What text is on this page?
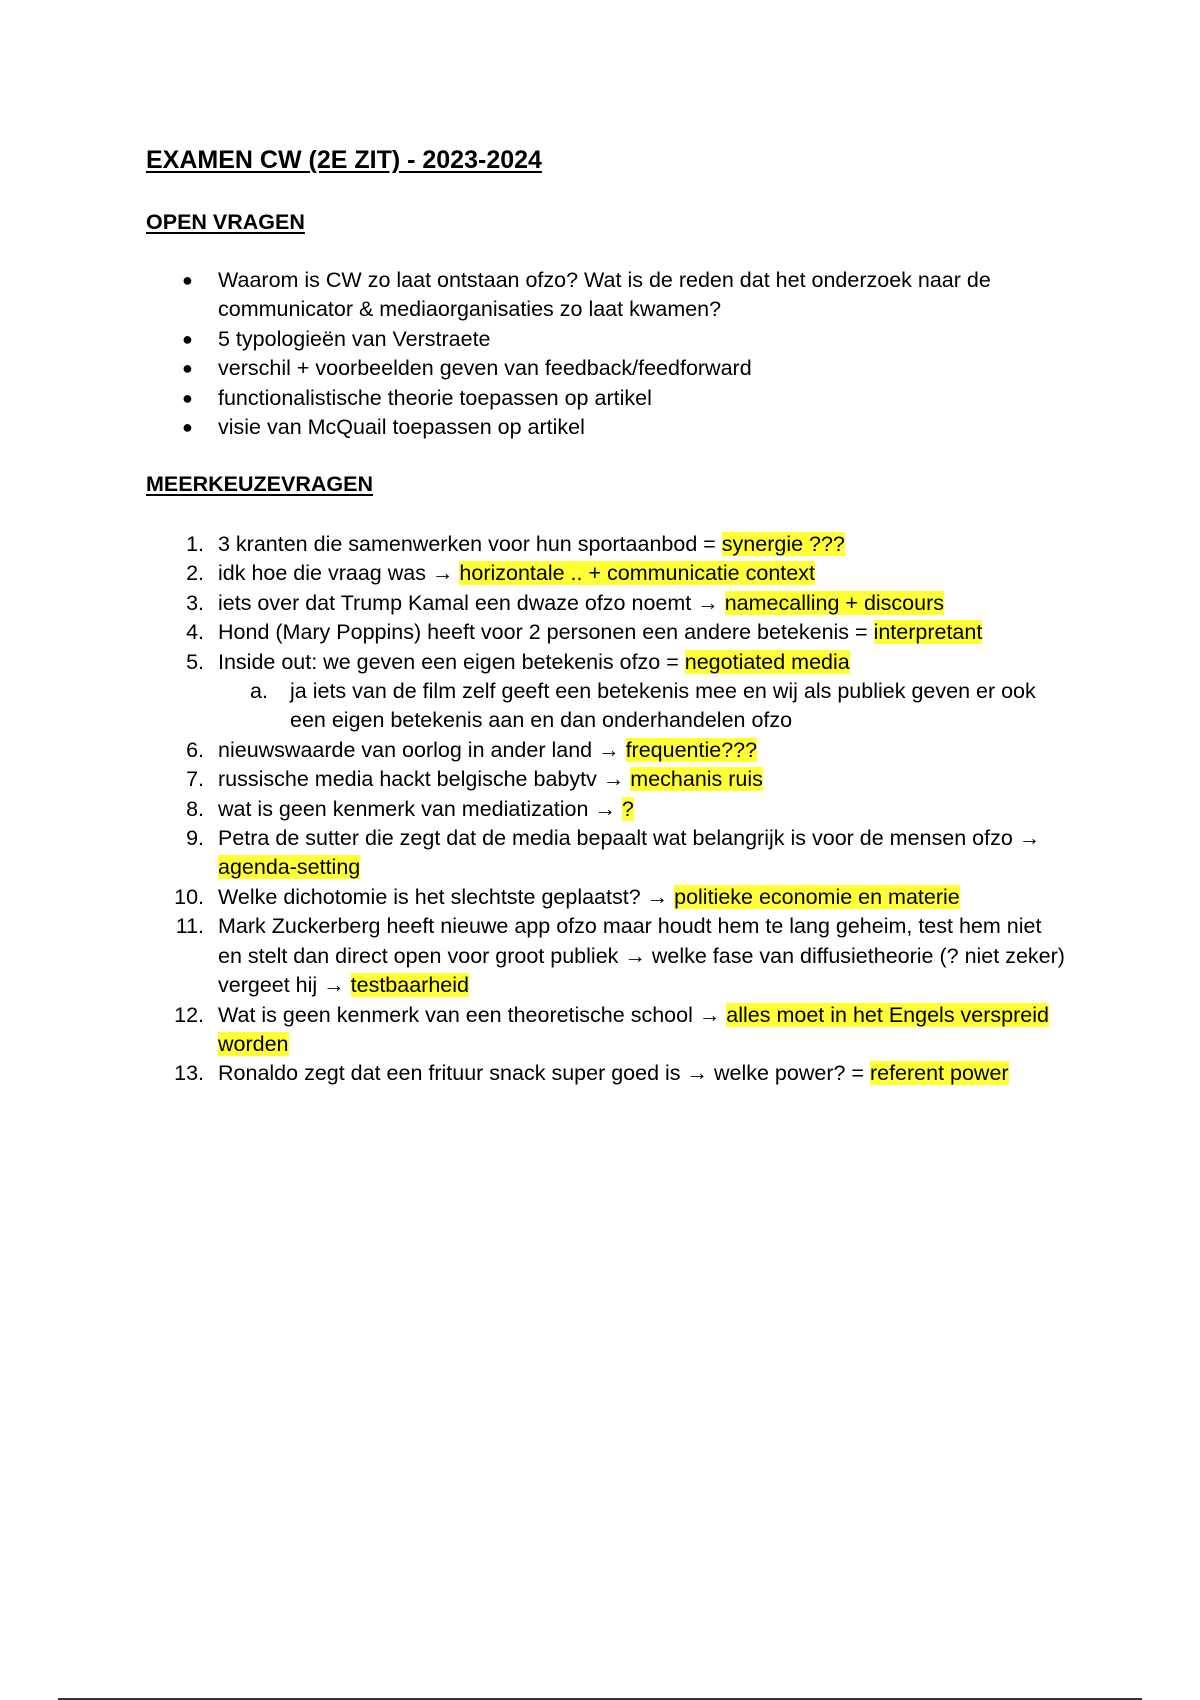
EXAMEN CW (2E ZIT) - 2023-2024
OPEN VRAGEN
●	Waarom is CW zo laat ontstaan ofzo? Wat is de reden dat het onderzoek naar de communicator & mediaorganisaties zo laat kwamen?
●	5 typologieën van Verstraete
●	verschil + voorbeelden geven van feedback/feedforward
●	functionalistische theorie toepassen op artikel
●	visie van McQuail toepassen op artikel
MEERKEUZEVRAGEN
1. 3 kranten die samenwerken voor hun sportaanbod = synergie ???
2. idk hoe die vraag was → horizontale .. + communicatie context
3. iets over dat Trump Kamal een dwaze ofzo noemt → namecalling + discours
4. Hond (Mary Poppins) heeft voor 2 personen een andere betekenis = interpretant
5. Inside out: we geven een eigen betekenis ofzo = negotiated media
a. ja iets van de film zelf geeft een betekenis mee en wij als publiek geven er ook een eigen betekenis aan en dan onderhandelen ofzo
6. nieuwswaarde van oorlog in ander land → frequentie???
7. russische media hackt belgische babytv → mechanis ruis
8. wat is geen kenmerk van mediatization → ?
9. Petra de sutter die zegt dat de media bepaalt wat belangrijk is voor de mensen ofzo → agenda-setting
10. Welke dichotomie is het slechtste geplaatst? → politieke economie en materie
11. Mark Zuckerberg heeft nieuwe app ofzo maar houdt hem te lang geheim, test hem niet en stelt dan direct open voor groot publiek → welke fase van diffusietheorie (? niet zeker) vergeet hij → testbaarheid
12. Wat is geen kenmerk van een theoretische school → alles moet in het Engels verspreid worden
13. Ronaldo zegt dat een frituur snack super goed is → welke power? = referent power
